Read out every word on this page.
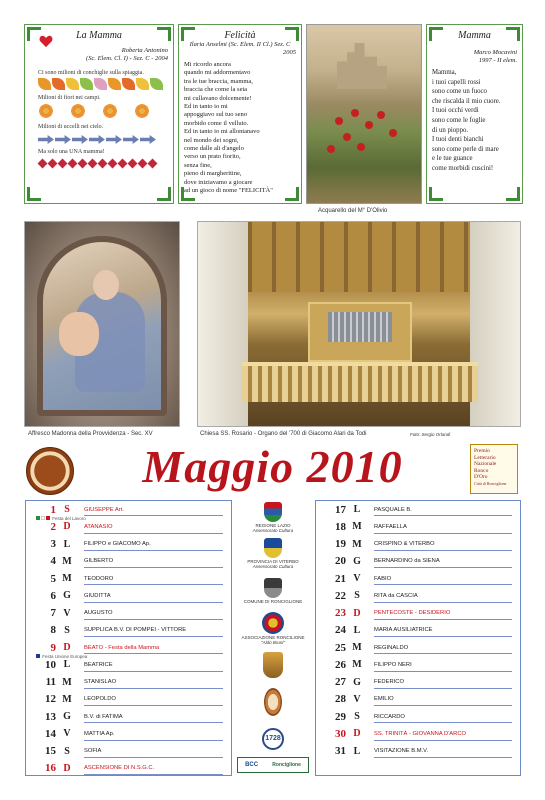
La Mamma
Roberta Antonino
(Sc. Elem. Cl. I) - Sez. C - 2004
Ci sono milioni di conchiglie sulla spiaggia.
Milioni di fiori nei campi.
Milioni di uccelli nei cielo.
Ma solo una UNA mamma!
Felicità
Ilaria Anselmi (Sc. Elem. II Cl.) Sez. C
2005
Mi ricordo ancora
quando mi addormentavo
tra le tue braccia, mamma,
braccia che come la seta
mi cullavano dolcemente!
Ed in tanto io mi
appoggiavo sul tuo seno
morbido come il velluto.
Ed in tanto io mi allontanavo
nel mondo dei sogni,
come dalle ali d'angelo
verso un prato fiorito,
senza fine,
pieno di margheritine,
dove iniziavamo a giocare
ad un gioco di nome "FELICITÀ"
Acquarello del M° D'Olivio
Mamma
Marco Mocavini
1997 - II elem.
Mamma,
i tuoi capelli rossi
sono come un fuoco
che riscalda il mio cuore.
I tuoi occhi verdi
sono come le foglie
di un pioppo.
I tuoi denti bianchi
sono come perle di mare
e le tue guance
come morbidi cuscini!
Affresco Madonna della Provvidenza - Sec. XV	Chiesa SS. Rosario - Organo del '700 di Giacomo Alari da Todi	Foto: Sergio Orlandi
Maggio 2010	Premio
Letterario
Nazionale
Ronco
D'Oro
Città di Ronciglione
1 S	GIUSEPPE Art.
2 D	ATANASIO
3 L	FILIPPO e GIACOMO Ap.
4 M	GILBERTO
5 M	TEODORO
6 G	GIUDITTA
7 V	AUGUSTO
8 S	SUPPLICA B.V. DI POMPEI - VITTORE
9 D	BEATO - Festa della Mamma
10 L	BEATRICE
11 M	STANISLAO
12 M	LEOPOLDO
13 G	B.V. di FATIMA
14 V	MATTIA Ap.
15 S	SOFIA
16 D	ASCENSIONE DI N.S.G.C.
17 L	PASQUALE B.
18 M	RAFFAELLA
19 M	CRISPINO & VITERBO
20 G	BERNARDINO da SIENA
21 V	FABIO
22 S	RITA da CASCIA
23 D	PENTECOSTE - DESIDERIO
24 L	MARIA AUSILIATRICE
25 M	REGINALDO
26 M	FILIPPO NERI
27 G	FEDERICO
28 V	EMILIO
29 S	RICCARDO
30 D	SS. TRINITÀ - GIOVANNA D'ARCO
31 L	VISITAZIONE B.M.V.
Festa del Lavoro
Festa Unione Europea
REGIONE LAZIO
Assessorato Cultura
PROVINCIA DI VITERBO
Assessorato Cultura
COMUNE DI RONCIGLIONE
ASSOCIAZIONE RONCILIONE
"Aldo Bruni"
1728
BCC	Ronciglione
